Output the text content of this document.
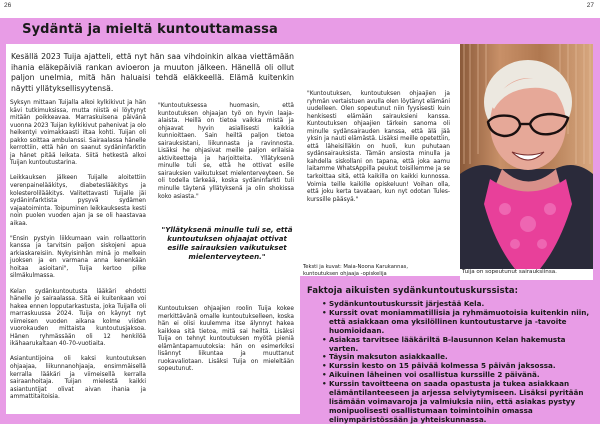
26	27
Sydäntä ja mieltä kuntouttamassa

Kesällä 2023 Tuija ajatteli, että nyt hän saa vihdoinkin alkaa viettämään ihania eläkepäiviä rankan avioeron ja muuton jälkeen. Hänellä oli ollut paljon unelmia, mitä hän haluaisi tehdä eläkkeellä. Elämä kuitenkin näytti yllätyksellisyytensä.

Syksyn mittaan Tuijalla alkoi kylkikivut ja hän kävi tutkimuksissa, mutta niistä ei löytynyt mitään poikkeavaa. Marraskuisena päivänä vuonna 2023 Tuijan kylkikivut pahenivat ja olo heikentyi voimakkaasti iltaa kohti. Tuijan oli pakko soittaa ambulanssi. Sairaalassa hänelle kerrottiin, että hän on saanut sydäninfarktin ja hänet pitää leikata. Siitä hetkestä alkoi Tuijan kuntoutustarina.

Leikkauksen jälkeen Tuijalle aloitettiin verenpainelääkitys, diabeteslääkitys ja kolesterolilääkitys. Valitettavasti Tuijalle jäi sydäninfarktista pysyvä sydämen vajaatoiminta. Toipuminen leikkauksesta kesti noin puolen vuoden ajan ja se oli haastavaa aikaa.

"Ensin pystyin liikkumaan vain rollaattorin kanssa ja tarvitsin paljon siskojeni apua arkiaskareisiin. Nykyisinhän minä jo melkein juoksen ja en varmana anna kenenkään hoitaa asioitani", Tuija kertoo pilke silmäkulmassa.

Kelan sydänkuntoutusta lääkäri ehdotti hänelle jo sairaalassa. Sitä ei kuitenkaan voi hakea ennen lopputarkastusta, joka Tuijalla oli marraskuussa 2024. Tuija on käynyt nyt viimeisen vuoden aikana kolme viiden vuorokauden mittaista kuntoutusjaksoa. Hänen ryhmässään oli 12 henkilöä ikähaarukaltaan 40-70-vuotiaita.

Asiantuntijoina oli kaksi kuntoutuksen ohjaajaa, liikunnanohjaaja, ensimmäisellä kerralla lääkäri ja viimeisellä kerralla sairaanhoitaja. Tuijan mielestä kaikki asiantuntijat olivat aivan ihania ja ammattitaitoisia.

"Kuntoutuksessa huomasin, että kuntoutuksen ohjaajan työ on hyvin laaja-alaista. Heillä on tietoa vaikka mistä ja ohjaavat hyvin asiallisesti kaikkia kunnioittaen. Sain heiltä paljon tietoa sairauksistani, liikunnasta ja ravinnosta. Lisäksi he ohjasivat meille paljon erilaisia aktiviteetteja ja harjoitteita. Yllätyksenä minulle tuli se, että he ottivat esille sairauksien vaikutukset mielenterveyteen. Se oli todella tärkeää, koska sydäninfarkti tuli minulle täytenä yllätyksenä ja olin shokissa koko asiasta."

"Yllätyksenä minulle tuli se, että kuntoutuksen ohjaajat ottivat esille sairauksien vaikutukset mielenterveyteen."

Kuntoutuksen ohjaajien roolin Tuija kokee merkittävänä omalle kuntoutukselleen, koska hän ei olisi kuulemma itse älynnyt hakea kaikkea sitä tietoa, mitä sai heiltä. Lisäksi Tuija on tehnyt kuntoutuksen myötä pieniä elämäntapamuutoksia: hän on esimerkiksi lisännyt liikuntaa ja muuttanut ruokavaliotaan. Lisäksi Tuija on mieleltään sopeutunut.

"Kuntoutuksen, kuntoutuksen ohjaajien ja ryhmän vertaistuen avulla olen löytänyt elämäni uudelleen. Olen sopeutunut niin fyysisesti kuin henkisesti elämään sairauksieni kanssa. Kuntoutuksen ohjaajien tärkein sanoma oli minulle sydänsairauden kanssa, että älä jää yksin ja nauti elämästä. Lisäksi meille opetettiin, että läheisilläkin on huoli, kun puhutaan sydänsairauksista. Tämän ansiosta minulla ja kahdella siskollani on tapana, että joka aamu laitamme WhatsAppilla peukut toisillemme ja se tarkoittaa sitä, että kaikilla on kaikki kunnossa. Voimia teille kaikille opiskeluun! Voihan olla, että joku kerta tavataan, kun nyt odotan Tules-kurssille pääsyä."

Teksti ja kuvat: Maia-Noona Karukannas,
kuntoutuksen ohjaaja -opiskelija	Tuija on sopeutunut sairauksiinsa.
Faktoja aikuisten sydänkuntoutuskurssista:
• Sydänkuntoutuskurssit järjestää Kela.
• Kurssit ovat moniammatillisia ja ryhmämuotoisia kuitenkin niin, että asiakkaan oma yksilöllinen kuntoutustarve ja -tavoite huomioidaan.
• Asiakas tarvitsee lääkäriltä B-lausunnon Kelan hakemusta varten.
• Täysin maksuton asiakkaalle.
• Kurssin kesto on 15 päivää kolmessa 5 päivän jaksossa.
• Aikuinen läheinen voi osallistua kurssille 2 päivänä.
• Kurssin tavoitteena on saada opastusta ja tukea asiakkaan elämäntilanteeseen ja arjessa selviytymiseen. Lisäksi pyritään lisämään voimavaroja ja valmiuksia niin, että asiakas pystyy monipuolisesti osallistumaan toimintoihin omassa elinympäristössään ja yhteiskunnassa.
